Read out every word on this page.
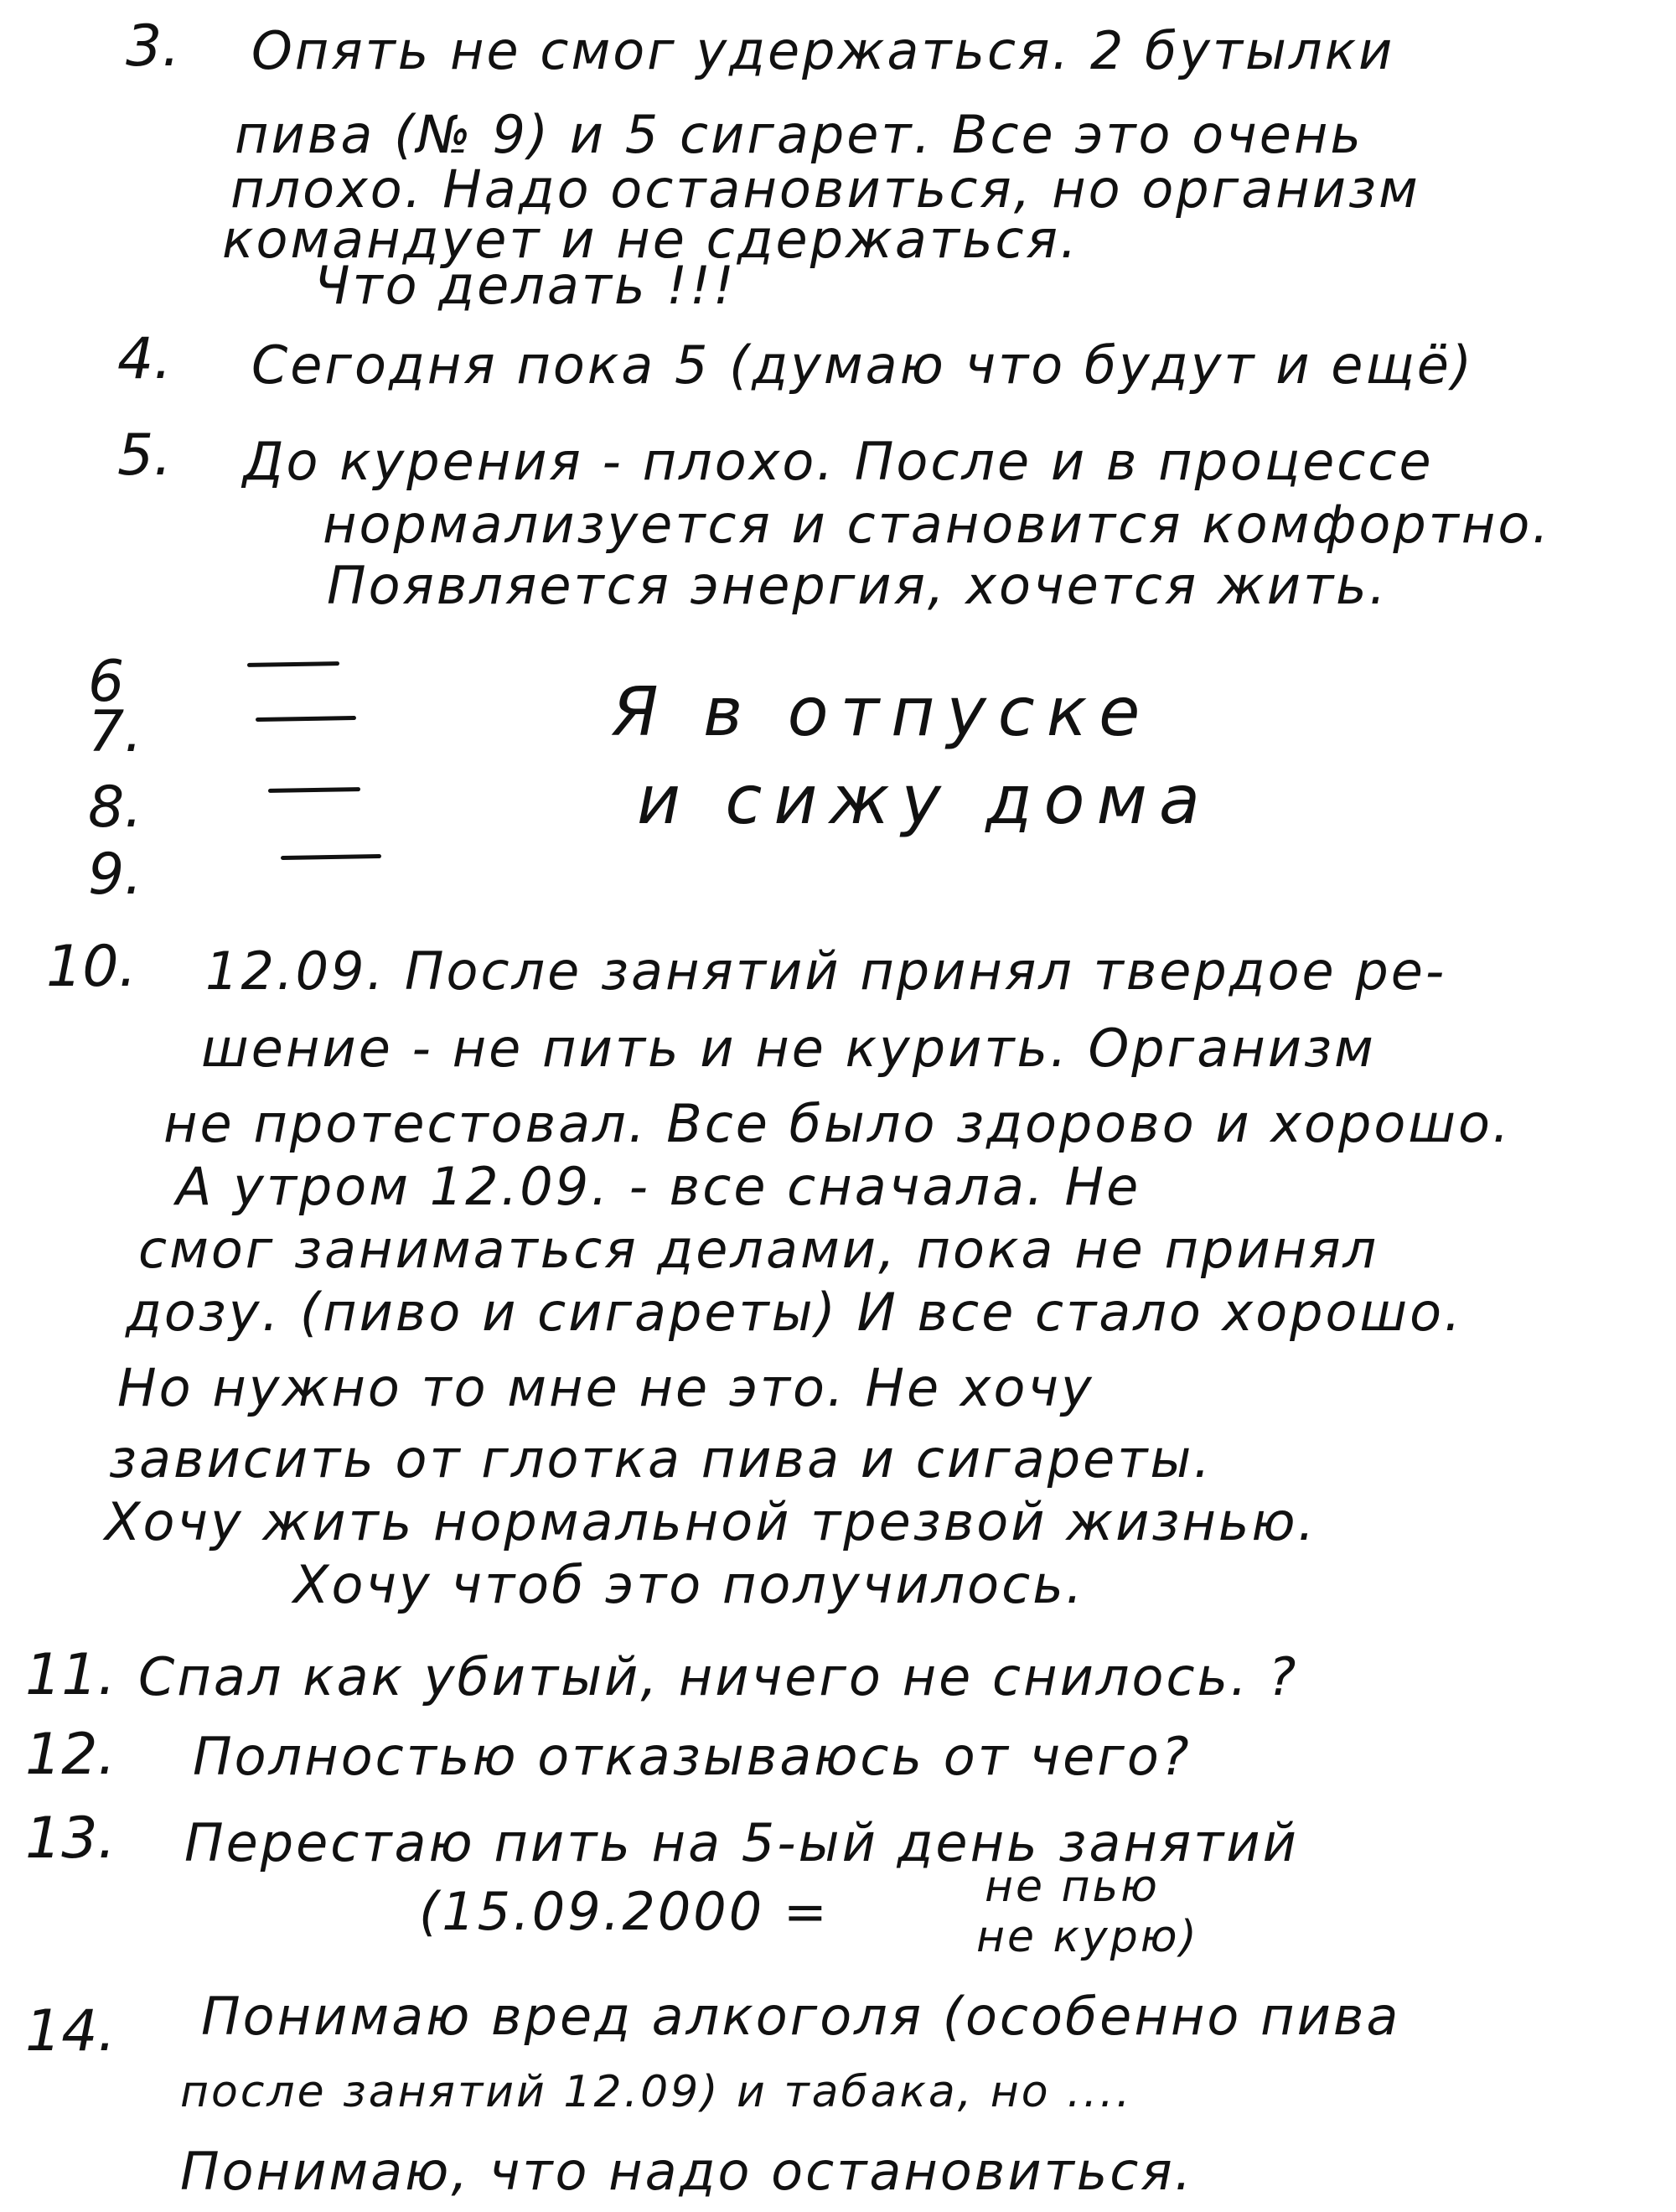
3. Опять не смог удержаться. 2 бутылки
пива (№ 9) и 5 сигарет. Все это очень
плохо. Надо остановиться, но организм
командует и не сдержаться.
Что делать !!!
4. Сегодня пока 5 (думаю что будут и ещё)
5. До курения - плохо. После и в процессе
нормализуется и становится комфортно.
Появляется энергия, хочется жить.
6
7.
8.
9.
Я в отпуске
и сижу дома
10. 12.09. После занятий принял твердое ре-
шение - не пить и не курить. Организм
не протестовал. Все было здорово и хорошо.
А утром 12.09. - все сначала. Не
смог заниматься делами, пока не принял
дозу. (пиво и сигареты) И все стало хорошо.
Но нужно то мне не это. Не хочу
зависить от глотка пива и сигареты.
Хочу жить нормальной трезвой жизнью.
Хочу чтоб это получилось.
11. Спал как убитый, ничего не снилось. ?
12. Полностью отказываюсь от чего?
13. Перестаю пить на 5-ый день занятий
(15.09.2000 =	не пью
не курю)
14. Понимаю вред алкоголя (особенно пива
после занятий 12.09) и табака, но ....
Понимаю, что надо остановиться.
